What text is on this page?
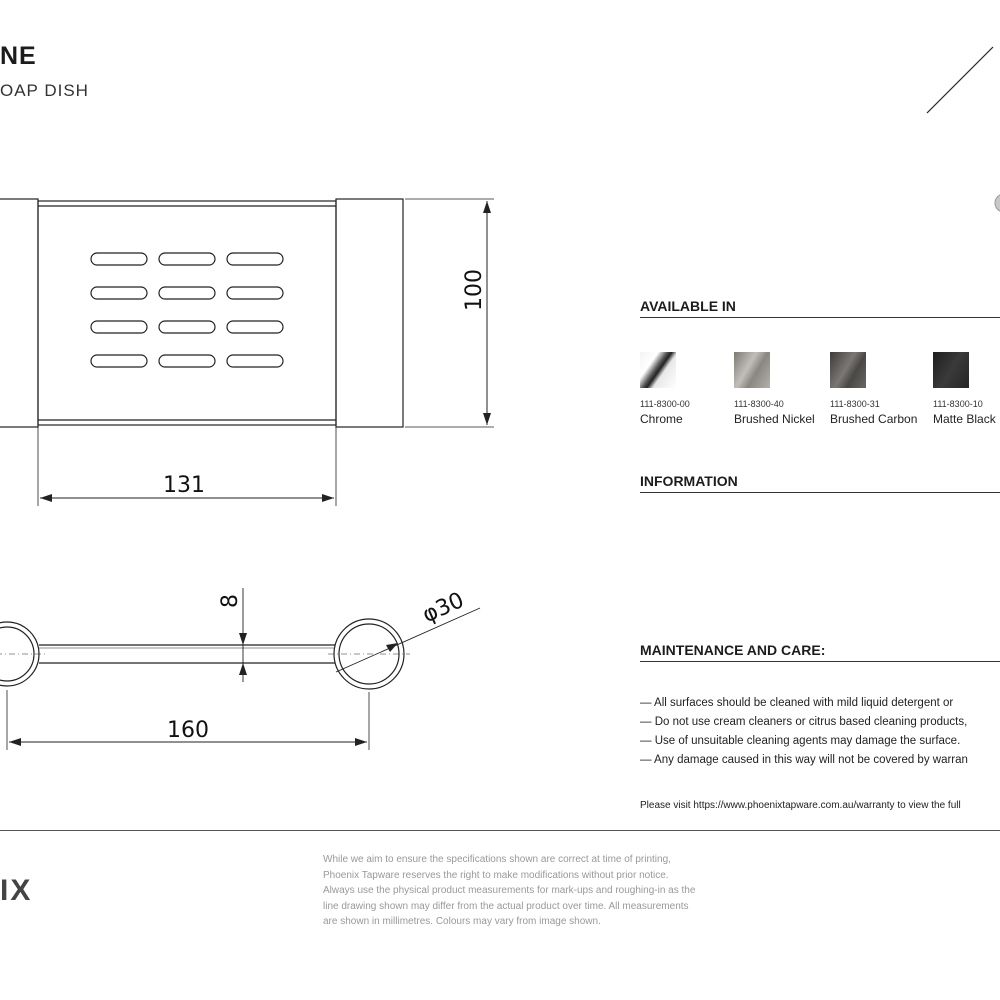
NE
OAP DISH
100
131
8	φ30
160
AVAILABLE IN
111-8300-00
Chrome
111-8300-40
Brushed Nickel
111-8300-31
Brushed Carbon
111-8300-10
Matte Black
INFORMATION
MAINTENANCE AND CARE:
— All surfaces should be cleaned with mild liquid detergent or
— Do not use cream cleaners or citrus based cleaning products,
— Use of unsuitable cleaning agents may damage the surface.
— Any damage caused in this way will not be covered by warran
Please visit https://www.phoenixtapware.com.au/warranty to view the full
IX
While we aim to ensure the specifications shown are correct at time of printing,
Phoenix Tapware reserves the right to make modifications without prior notice.
Always use the physical product measurements for mark-ups and roughing-in as the
line drawing shown may differ from the actual product over time. All measurements
are shown in millimetres. Colours may vary from image shown.
